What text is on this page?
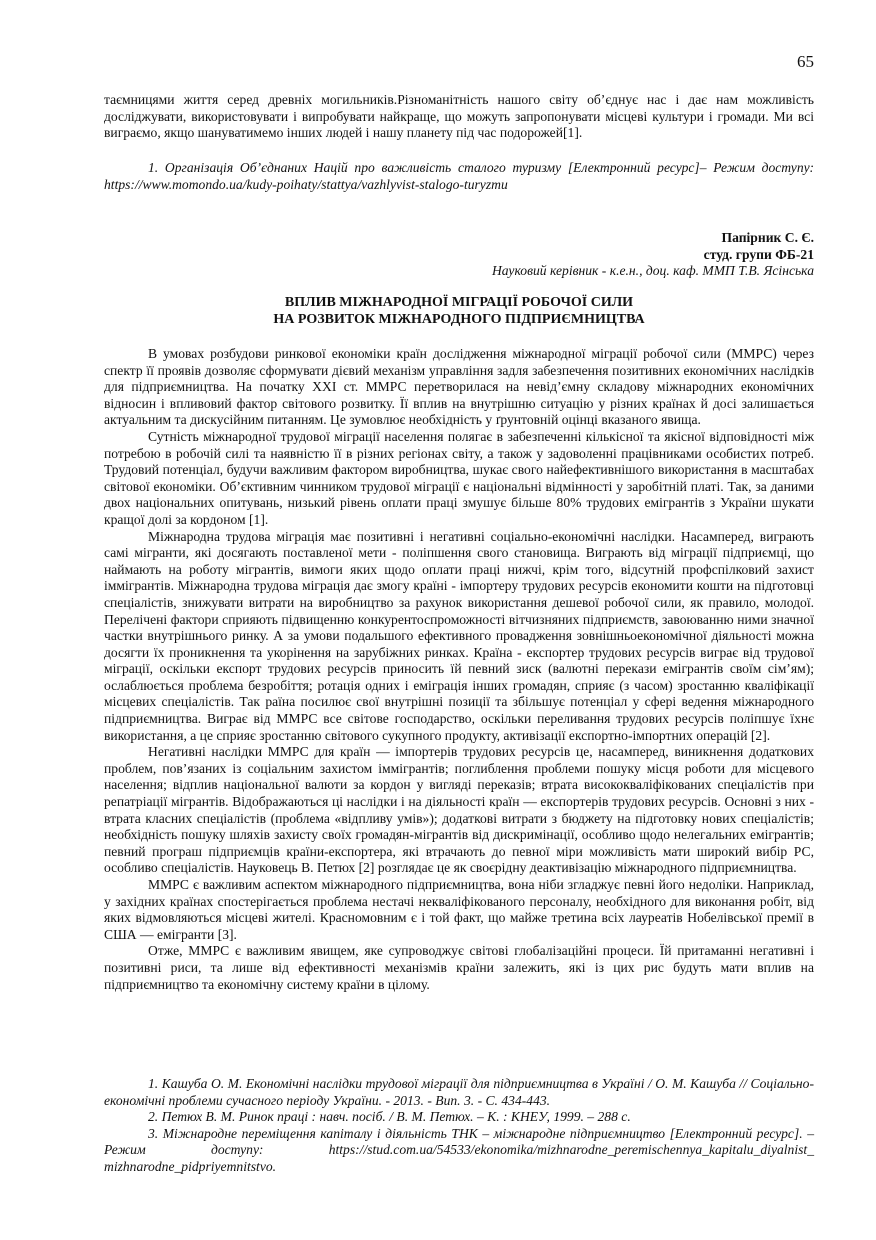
65

таємницями життя серед древніх могильників.Різноманітність нашого світу об’єднує нас і дає нам можливість досліджувати, використовувати і випробувати найкраще, що можуть запропонувати місцеві культури і громади. Ми всі виграємо, якщо шануватимемо інших людей і нашу планету під час подорожей[1].

1. Організація Об’єднаних Націй про важливість сталого туризму [Електронний ресурс]– Режим доступу: https://www.momondo.ua/kudy-poihaty/stattya/vazhlyvist-stalogo-turyzmu

Папірник С. Є.
студ. групи ФБ-21
Науковий керівник - к.е.н., доц. каф. ММП Т.В. Ясінська

ВПЛИВ МІЖНАРОДНОЇ МІГРАЦІЇ РОБОЧОЇ СИЛИ

НА РОЗВИТОК МІЖНАРОДНОГО ПІДПРИЄМНИЦТВА

В умовах розбудови ринкової економіки країн дослідження міжнародної міграції робочої сили (ММРС) через спектр її проявів дозволяє сформувати дієвий механізм управління задля забезпечення позитивних економічних наслідків для підприємництва. На початку ХХІ ст. ММРС перетворилася на невід’ємну складову міжнародних економічних відносин і впливовий фактор світового розвитку. Її вплив на внутрішню ситуацію у різних країнах й досі залишається актуальним та дискусійним питанням. Це зумовлює необхідність у ґрунтовній оцінці вказаного явища.

Сутність міжнародної трудової міграції населення полягає в забезпеченні кількісної та якісної відповідності між потребою в робочій силі та наявністю її в різних регіонах світу, а також у задоволенні працівниками особистих потреб. Трудовий потенціал, будучи важливим фактором виробництва, шукає свого найефективнішого використання в масштабах світової економіки. Об’єктивним чинником трудової міграції є національні відмінності у заробітній платі. Так, за даними двох національних опитувань, низький рівень оплати праці змушує більше 80% трудових емігрантів з України шукати кращої долі за кордоном [1].

Міжнародна трудова міграція має позитивні і негативні соціально-економічні наслідки. Насамперед, виграють самі мігранти, які досягають поставленої мети - поліпшення свого становища. Виграють від міграції підприємці, що наймають на роботу мігрантів, вимоги яких щодо оплати праці нижчі, крім того, відсутній профспілковий захист іммігрантів. Міжнародна трудова міграція дає змогу країні - імпортеру трудових ресурсів економити кошти на підготовці спеціалістів, знижувати витрати на виробництво за рахунок використання дешевої робочої сили, як правило, молодої. Перелічені фактори сприяють підвищенню конкурентоспроможності вітчизняних підприємств, завоюванню ними значної частки внутрішнього ринку. А за умови подальшого ефективного провадження зовнішньоекономічної діяльності можна досягти їх проникнення та укорінення на зарубіжних ринках. Країна - експортер трудових ресурсів виграє від трудової міграції, оскільки експорт трудових ресурсів приносить їй певний зиск (валютні перекази емігрантів своїм сім’ям); ослаблюється проблема безробіття; ротація одних і еміграція інших громадян, сприяє (з часом) зростанню кваліфікації місцевих спеціалістів. Так раїна посилює свої внутрішні позиції та збільшує потенціал у сфері ведення міжнародного підприємництва. Виграє від ММРС все світове господарство, оскільки переливання трудових ресурсів поліпшує їхнє використання, а це сприяє зростанню світового сукупного продукту, активізації експортно-імпортних операцій [2].

Негативні наслідки ММРС для країн — імпортерів трудових ресурсів це, насамперед, виникнення додаткових проблем, пов’язаних із соціальним захистом іммігрантів; поглиблення проблеми пошуку місця роботи для місцевого населення; відплив національної валюти за кордон у вигляді переказів; втрата висококваліфікованих спеціалістів при репатріації мігрантів. Відображаються ці наслідки і на діяльності країн — експортерів трудових ресурсів. Основні з них - втрата класних спеціалістів (проблема «відпливу умів»); додаткові витрати з бюджету на підготовку нових спеціалістів; необхідність пошуку шляхів захисту своїх громадян-мігрантів від дискримінації, особливо щодо нелегальних емігрантів; певний програш підприємців країни-експортера, які втрачають до певної міри можливість мати широкий вибір РС, особливо спеціалістів. Науковець В. Петюх [2] розглядає це як своєрідну деактивізацію міжнародного підприємництва.

ММРС є важливим аспектом міжнародного підприємництва, вона ніби згладжує певні його недоліки. Наприклад, у західних країнах спостерігається проблема нестачі некваліфікованого персоналу, необхідного для виконання робіт, від яких відмовляються місцеві жителі. Красномовним є і той факт, що майже третина всіх лауреатів Нобелівської премії в США — емігранти [3].

Отже, ММРС є важливим явищем, яке супроводжує світові глобалізаційні процеси. Їй притаманні негативні і позитивні риси, та лише від ефективності механізмів країни залежить, які із цих рис будуть мати вплив на підприємництво та економічну систему країни в цілому.

1. Кашуба О. М. Економічні наслідки трудової міграції для підприємництва в Україні / О. М. Кашуба // Соціально-економічні проблеми сучасного періоду України. - 2013. - Вип. 3. - С. 434-443.

2. Петюх В. М. Ринок праці : навч. посіб. / В. М. Петюх. – К. : КНЕУ, 1999. – 288 с.

3. Міжнародне переміщення капіталу і діяльність ТНК – міжнародне підприємництво [Електронний ресурс]. – Режим доступу: https://stud.com.ua/54533/ekonomika/mizhnarodne_peremischennya_kapitalu_diyalnist_ mizhnarodne_pidpriyemnitstvo.
